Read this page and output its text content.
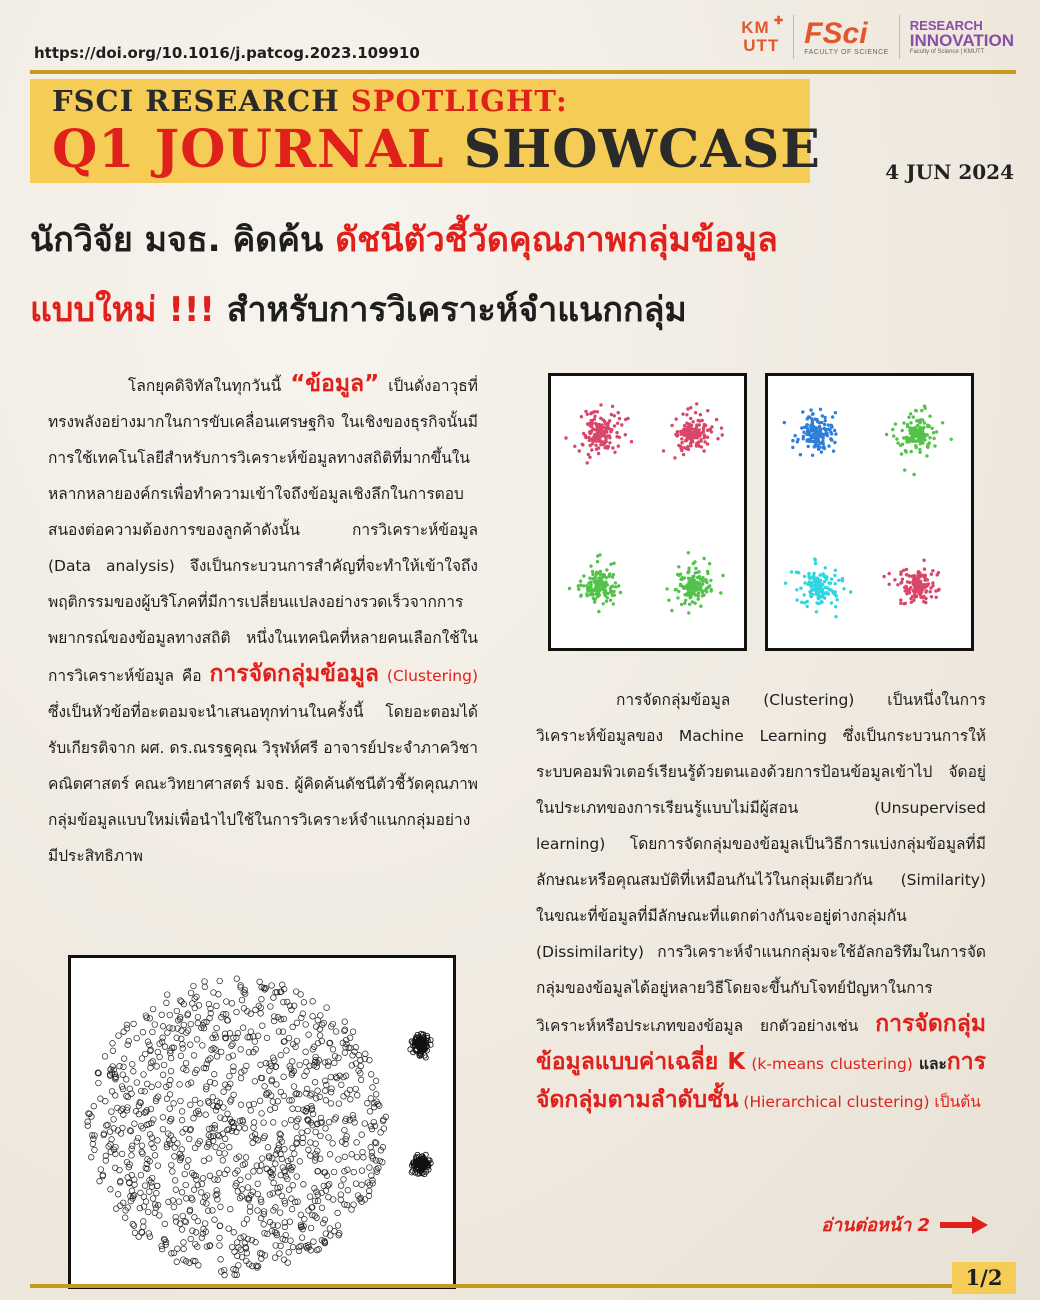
https://doi.org/10.1016/j.patcog.2023.109910
KM
UTT
✚ FSci
FACULTY OF SCIENCE
RESEARCH
INNOVATION
Faculty of Science | KMUTT
FSCI RESEARCH SPOTLIGHT:
Q1 JOURNAL SHOWCASE	4 JUN 2024
นักวิจัย มจธ. คิดค้น ดัชนีตัวชี้วัดคุณภาพกลุ่มข้อมูล
แบบใหม่ !!! สำหรับการวิเคราะห์จำแนกกลุ่ม
โลกยุคดิจิทัลในทุกวันนี้ “ข้อมูล” เป็นดั่งอาวุธที่ทรงพลังอย่างมากในการขับเคลื่อนเศรษฐกิจ ในเชิงของธุรกิจนั้นมีการใช้เทคโนโลยีสำหรับการวิเคราะห์ข้อมูลทางสถิติที่มากขึ้นในหลากหลายองค์กรเพื่อทำความเข้าใจถึงข้อมูลเชิงลึกในการตอบสนองต่อความต้องการของลูกค้าดังนั้น การวิเคราะห์ข้อมูล (Data analysis) จึงเป็นกระบวนการสำคัญที่จะทำให้เข้าใจถึงพฤติกรรมของผู้บริโภคที่มีการเปลี่ยนแปลงอย่างรวดเร็วจากการพยากรณ์ของข้อมูลทางสถิติ หนึ่งในเทคนิคที่หลายคนเลือกใช้ในการวิเคราะห์ข้อมูล คือ การจัดกลุ่มข้อมูล (Clustering) ซึ่งเป็นหัวข้อที่อะตอมจะนำเสนอทุกท่านในครั้งนี้ โดยอะตอมได้รับเกียรติจาก ผศ. ดร.ณรรฐคุณ วิรุฬห์ศรี อาจารย์ประจำภาควิชาคณิตศาสตร์ คณะวิทยาศาสตร์ มจธ. ผู้คิดค้นดัชนีตัวชี้วัดคุณภาพกลุ่มข้อมูลแบบใหม่เพื่อนำไปใช้ในการวิเคราะห์จำแนกกลุ่มอย่างมีประสิทธิภาพ
การจัดกลุ่มข้อมูล (Clustering) เป็นหนึ่งในการวิเคราะห์ข้อมูลของ Machine Learning ซึ่งเป็นกระบวนการให้ระบบคอมพิวเตอร์เรียนรู้ด้วยตนเองด้วยการป้อนข้อมูลเข้าไป จัดอยู่ในประเภทของการเรียนรู้แบบไม่มีผู้สอน (Unsupervised learning) โดยการจัดกลุ่มของข้อมูลเป็นวิธีการแบ่งกลุ่มข้อมูลที่มีลักษณะหรือคุณสมบัติที่เหมือนกันไว้ในกลุ่มเดียวกัน (Similarity) ในขณะที่ข้อมูลที่มีลักษณะที่แตกต่างกันจะอยู่ต่างกลุ่มกัน (Dissimilarity) การวิเคราะห์จำแนกกลุ่มจะใช้อัลกอริทึมในการจัดกลุ่มของข้อมูลได้อยู่หลายวิธีโดยจะขึ้นกับโจทย์ปัญหาในการวิเคราะห์หรือประเภทของข้อมูล ยกตัวอย่างเช่น การจัดกลุ่มข้อมูลแบบค่าเฉลี่ย K (k-means clustering) และการจัดกลุ่มตามลำดับชั้น (Hierarchical clustering) เป็นต้น
อ่านต่อหน้า 2
1/2
